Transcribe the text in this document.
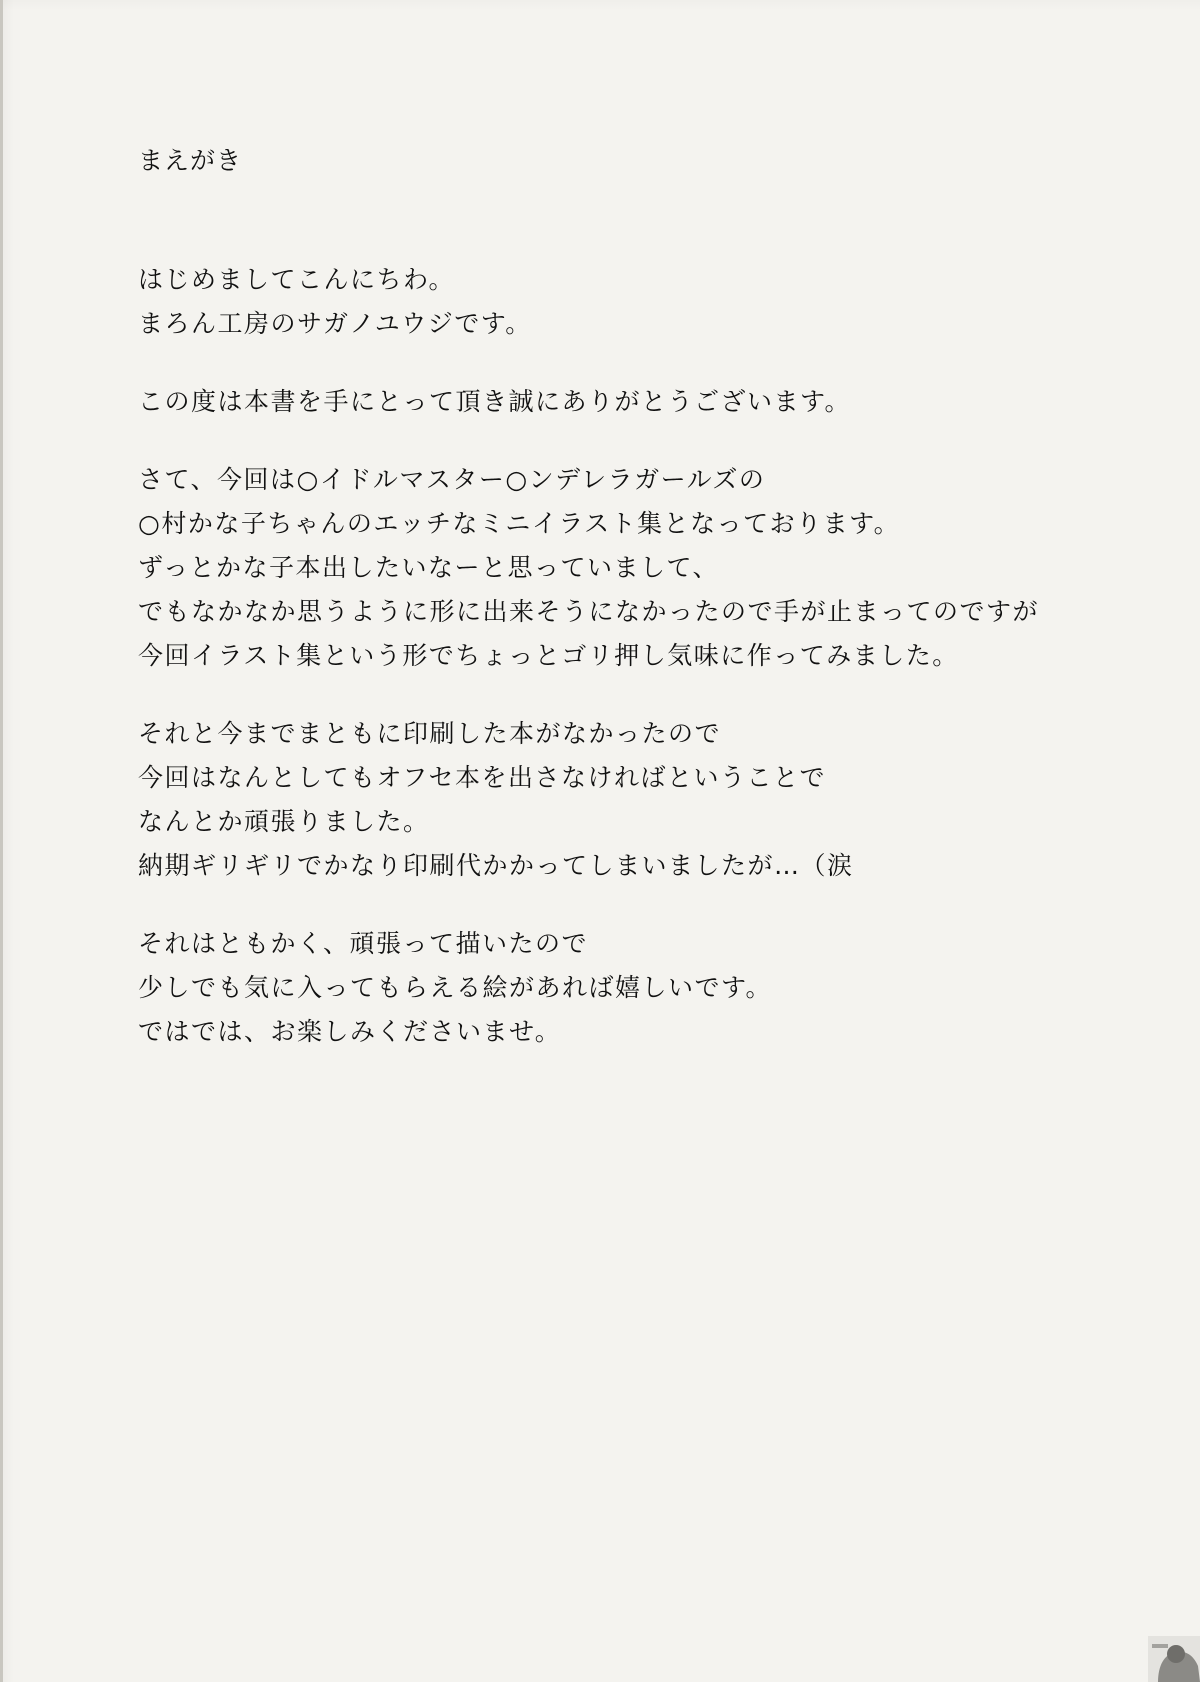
まえがき
はじめましてこんにちわ。
まろん工房のサガノユウジです。
この度は本書を手にとって頂き誠にありがとうございます。
さて、今回は○イドルマスター○ンデレラガールズの
○村かな子ちゃんのエッチなミニイラスト集となっております。
ずっとかな子本出したいなーと思っていまして、
でもなかなか思うように形に出来そうになかったので手が止まってのですが
今回イラスト集という形でちょっとゴリ押し気味に作ってみました。
それと今までまともに印刷した本がなかったので
今回はなんとしてもオフセ本を出さなければということで
なんとか頑張りました。
納期ギリギリでかなり印刷代かかってしまいましたが…（涙
それはともかく、頑張って描いたので
少しでも気に入ってもらえる絵があれば嬉しいです。
ではでは、お楽しみくださいませ。
